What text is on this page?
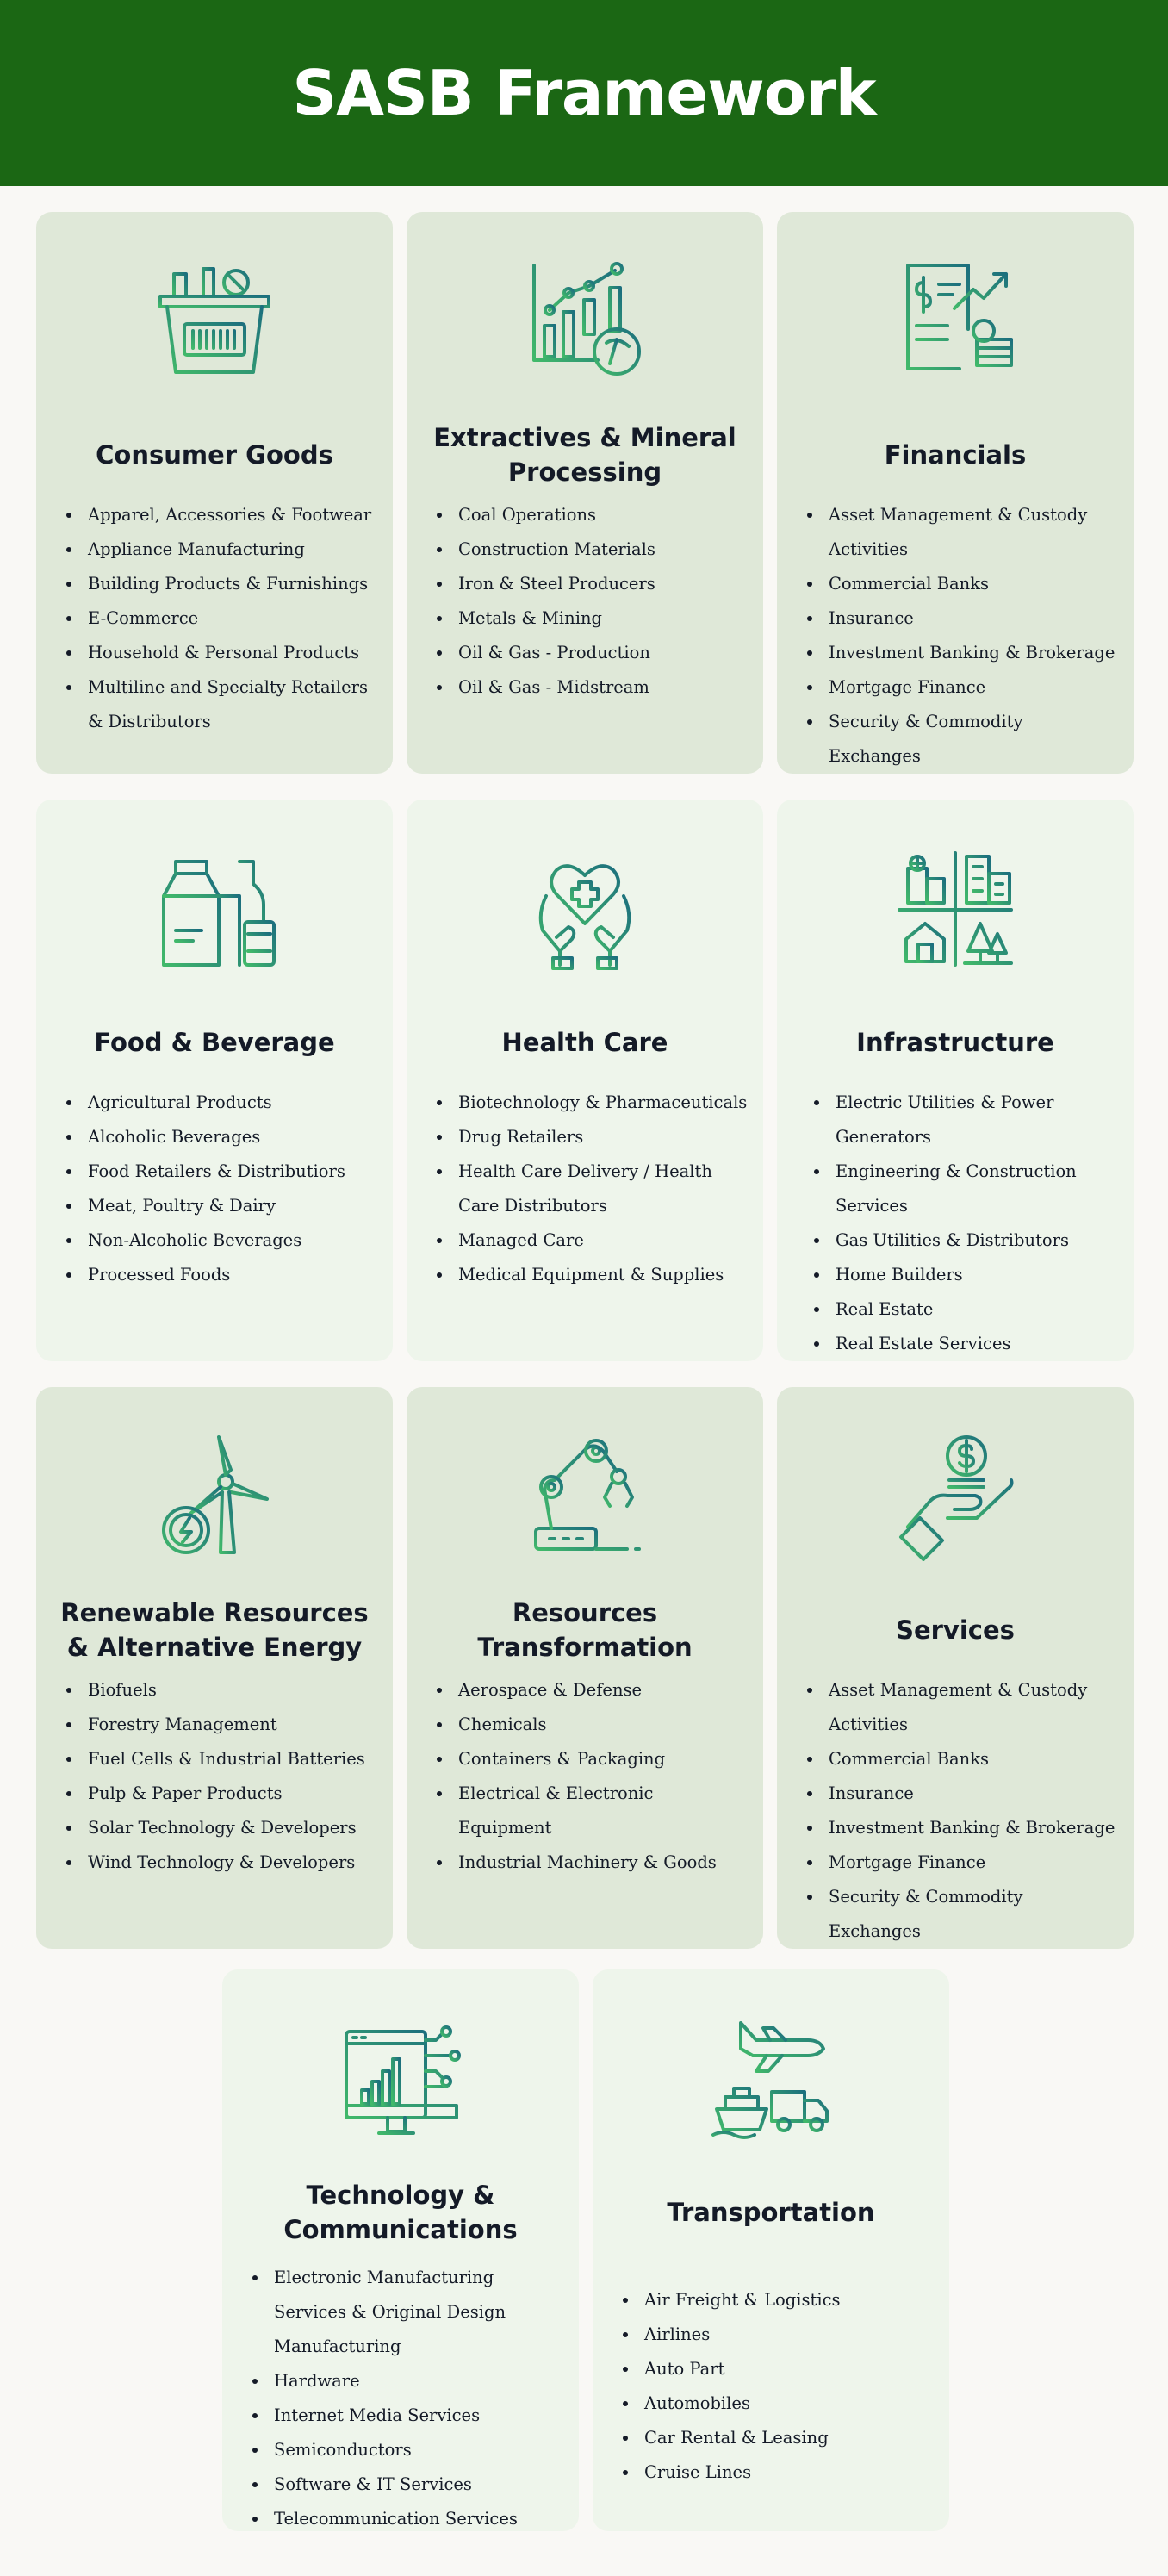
SASB Framework
Consumer Goods
• Apparel, Accessories & Footwear
• Appliance Manufacturing
• Building Products & Furnishings
• E-Commerce
• Household & Personal Products
• Multiline and Specialty Retailers & Distributors
Extractives & Mineral Processing
• Coal Operations
• Construction Materials
• Iron & Steel Producers
• Metals & Mining
• Oil & Gas - Production
• Oil & Gas - Midstream
Financials
• Asset Management & Custody Activities
• Commercial Banks
• Insurance
• Investment Banking & Brokerage
• Mortgage Finance
• Security & Commodity Exchanges
Food & Beverage
• Agricultural Products
• Alcoholic Beverages
• Food Retailers & Distributiors
• Meat, Poultry & Dairy
• Non-Alcoholic Beverages
• Processed Foods
Health Care
• Biotechnology & Pharmaceuticals
• Drug Retailers
• Health Care Delivery / Health Care Distributors
• Managed Care
• Medical Equipment & Supplies
Infrastructure
• Electric Utilities & Power Generators
• Engineering & Construction Services
• Gas Utilities & Distributors
• Home Builders
• Real Estate
• Real Estate Services
Renewable Resources & Alternative Energy
• Biofuels
• Forestry Management
• Fuel Cells & Industrial Batteries
• Pulp & Paper Products
• Solar Technology & Developers
• Wind Technology & Developers
Resources Transformation
• Aerospace & Defense
• Chemicals
• Containers & Packaging
• Electrical & Electronic Equipment
• Industrial Machinery & Goods
Services
• Asset Management & Custody Activities
• Commercial Banks
• Insurance
• Investment Banking & Brokerage
• Mortgage Finance
• Security & Commodity Exchanges
Technology & Communications
• Electronic Manufacturing Services & Original Design Manufacturing
• Hardware
• Internet Media Services
• Semiconductors
• Software & IT Services
• Telecommunication Services
Transportation
• Air Freight & Logistics
• Airlines
• Auto Part
• Automobiles
• Car Rental & Leasing
• Cruise Lines
